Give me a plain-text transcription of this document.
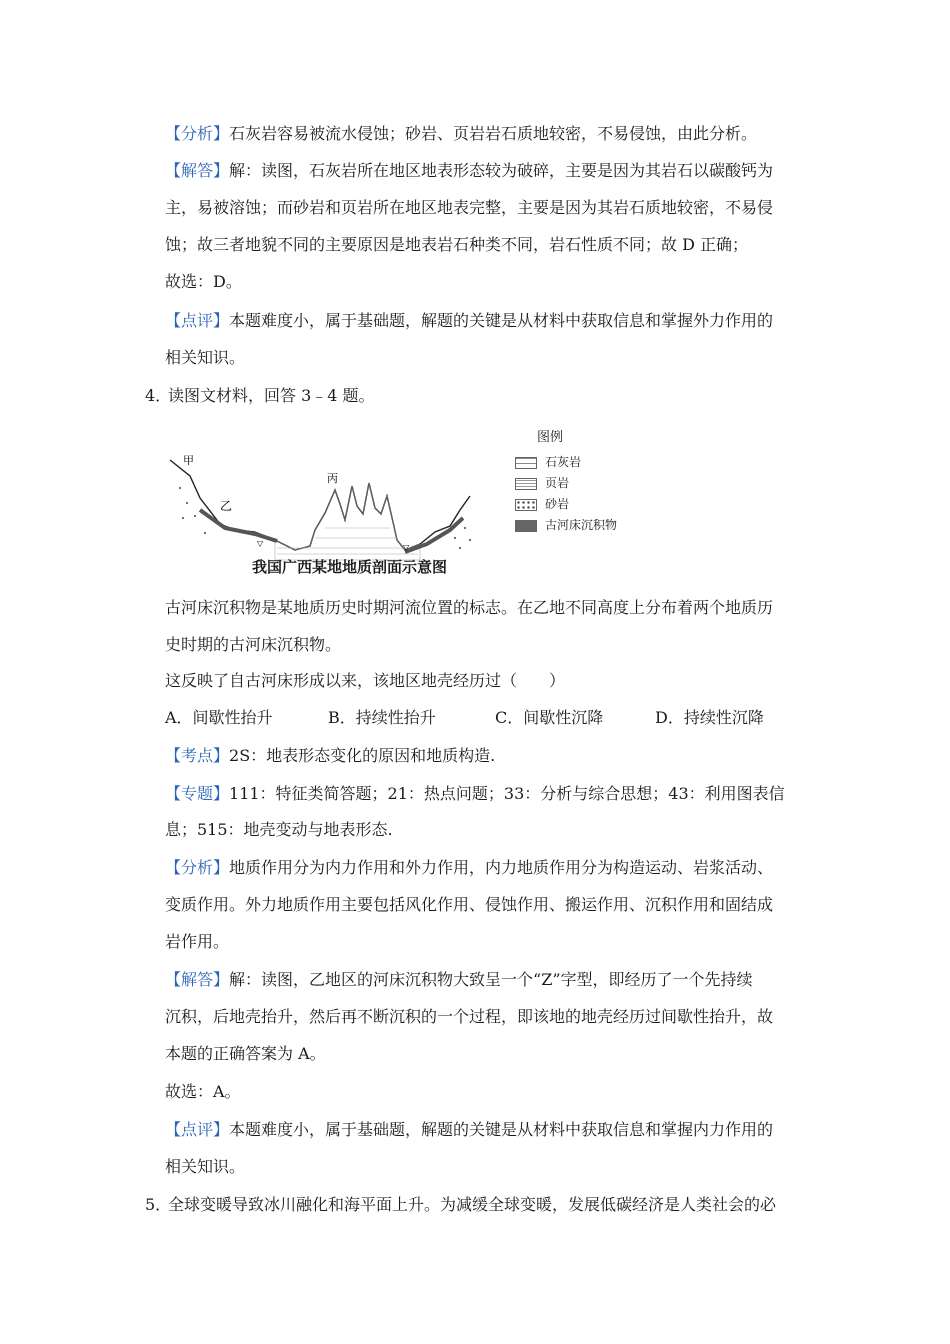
【分析】石灰岩容易被流水侵蚀；砂岩、页岩岩石质地较密，不易侵蚀，由此分析。
【解答】解：读图，石灰岩所在地区地表形态较为破碎，主要是因为其岩石以碳酸钙为
主，易被溶蚀；而砂岩和页岩所在地区地表完整，主要是因为其岩石质地较密，不易侵
蚀；故三者地貌不同的主要原因是地表岩石种类不同，岩石性质不同；故 D 正确；
故选：D。
【点评】本题难度小，属于基础题，解题的关键是从材料中获取信息和掌握外力作用的
相关知识。
4．
读图文材料，回答 3﹣4 题。
▽	▽
甲
乙
丙
图例
石灰岩
页岩
砂岩
古河床沉积物
我国广西某地地质剖面示意图
古河床沉积物是某地质历史时期河流位置的标志。在乙地不同高度上分布着两个地质历
史时期的古河床沉积物。
这反映了自古河床形成以来，该地区地壳经历过（　　）
A．间歇性抬升	B．持续性抬升	C．间歇性沉降	D．持续性沉降
【考点】2S：地表形态变化的原因和地质构造.
【专题】111：特征类简答题；21：热点问题；33：分析与综合思想；43：利用图表信
息；515：地壳变动与地表形态.
【分析】地质作用分为内力作用和外力作用，内力地质作用分为构造运动、岩浆活动、
变质作用。外力地质作用主要包括风化作用、侵蚀作用、搬运作用、沉积作用和固结成
岩作用。
【解答】解：读图，乙地区的河床沉积物大致呈一个“Z”字型，即经历了一个先持续
沉积，后地壳抬升，然后再不断沉积的一个过程，即该地的地壳经历过间歇性抬升，故
本题的正确答案为 A。
故选：A。
【点评】本题难度小，属于基础题，解题的关键是从材料中获取信息和掌握内力作用的
相关知识。
5．
全球变暖导致冰川融化和海平面上升。为减缓全球变暖，发展低碳经济是人类社会的必
